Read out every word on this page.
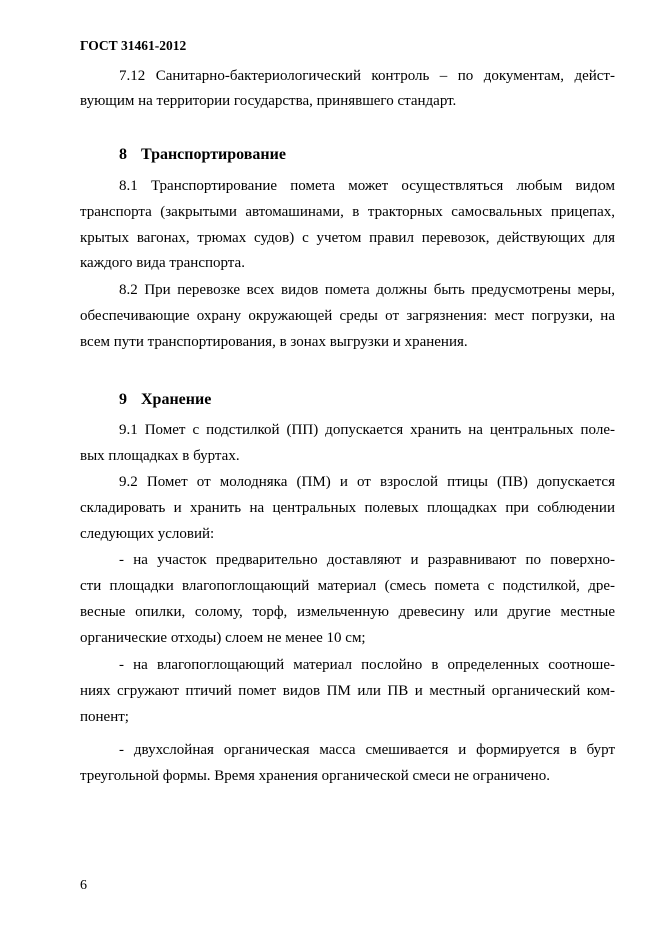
ГОСТ 31461-2012
7.12 Санитарно-бактериологический контроль – по документам, дейст-
вующим на территории государства, принявшего стандарт.
8 Транспортирование
8.1 Транспортирование помета может осуществляться любым видом
транспорта (закрытыми автомашинами, в тракторных самосвальных прицепах,
крытых вагонах, трюмах судов) с учетом правил перевозок, действующих для
каждого вида транспорта.
8.2 При перевозке всех видов помета должны быть предусмотрены меры,
обеспечивающие охрану окружающей среды от загрязнения: мест погрузки, на
всем пути транспортирования, в зонах выгрузки и хранения.
9 Хранение
9.1 Помет с подстилкой (ПП) допускается хранить на центральных поле-
вых площадках в буртах.
9.2 Помет от молодняка (ПМ) и от взрослой птицы (ПВ) допускается
складировать и хранить на центральных полевых площадках при соблюдении
следующих условий:
- на участок предварительно доставляют и разравнивают по поверхно-
сти площадки влагопоглощающий материал (смесь помета с подстилкой, дре-
весные опилки, солому, торф, измельченную древесину или другие местные
органические отходы) слоем не менее 10 см;
- на влагопоглощающий материал послойно в определенных соотноше-
ниях сгружают птичий помет видов ПМ или ПВ и местный органический ком-
понент;
- двухслойная органическая масса смешивается и формируется в бурт
треугольной формы. Время хранения органической смеси не ограничено.
6
